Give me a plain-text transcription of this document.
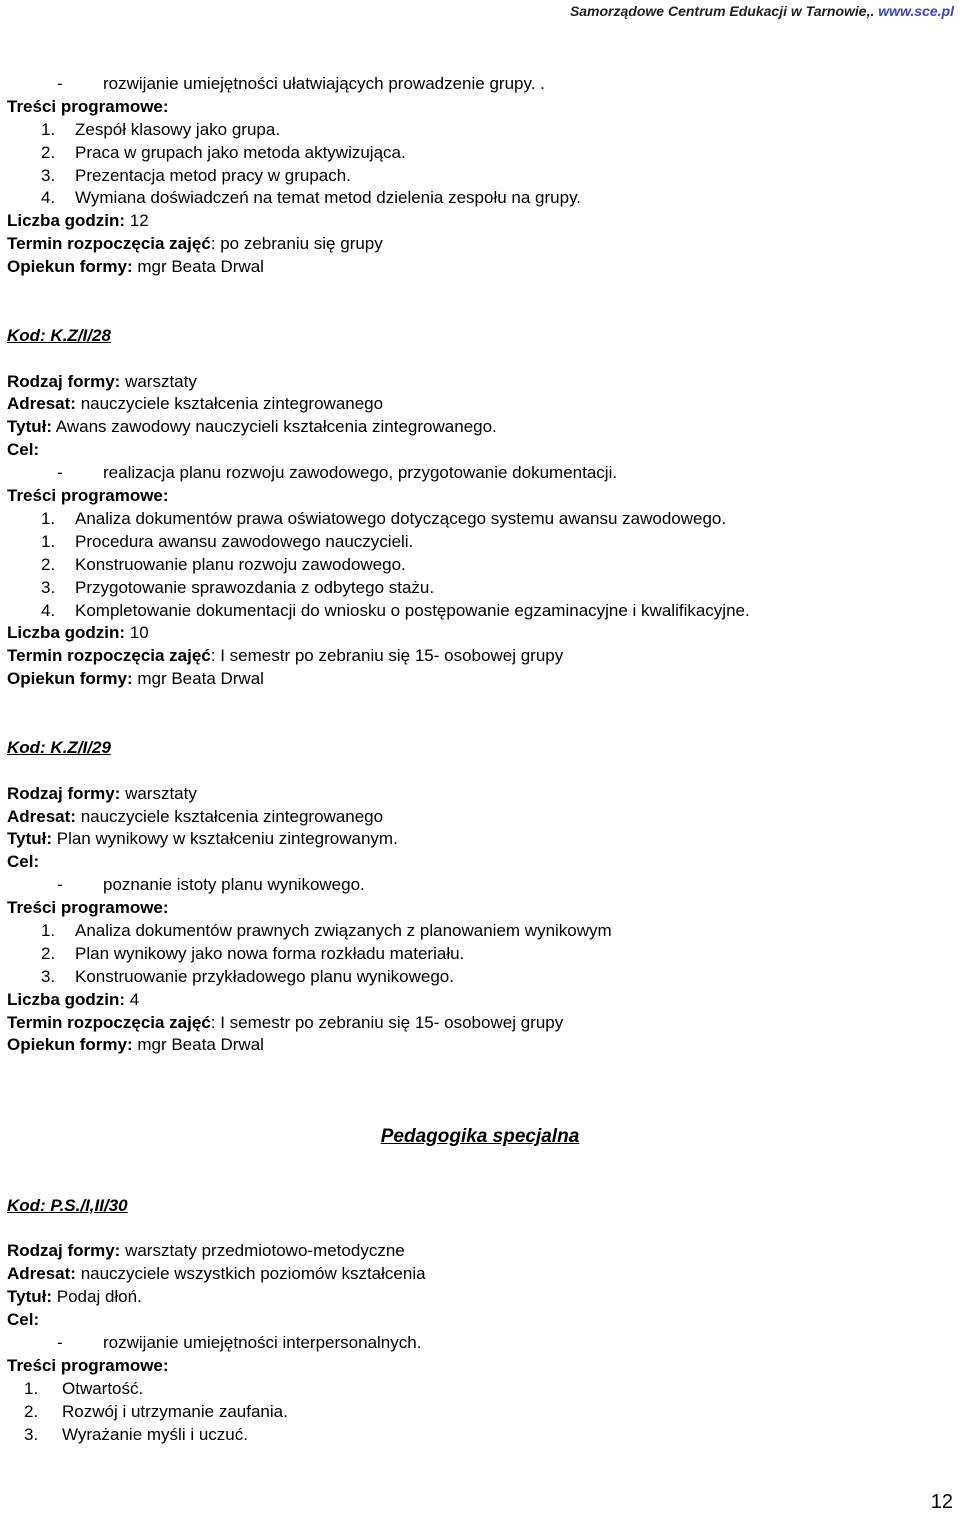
Samorządowe Centrum Edukacji w Tarnowie,. www.sce.pl
- rozwijanie umiejętności ułatwiających prowadzenie grupy. .
Treści programowe:
1. Zespół klasowy jako grupa.
2. Praca w grupach jako metoda aktywizująca.
3. Prezentacja metod pracy w grupach.
4. Wymiana doświadczeń na temat metod dzielenia zespołu na grupy.
Liczba godzin: 12
Termin rozpoczęcia zajęć: po zebraniu się grupy
Opiekun formy: mgr Beata Drwal
Kod: K.Z/I/28
Rodzaj formy: warsztaty
Adresat: nauczyciele kształcenia zintegrowanego
Tytuł: Awans zawodowy nauczycieli kształcenia zintegrowanego.
Cel:
- realizacja planu rozwoju zawodowego, przygotowanie dokumentacji.
Treści programowe:
1. Analiza dokumentów prawa oświatowego dotyczącego systemu awansu zawodowego.
1. Procedura awansu zawodowego nauczycieli.
2. Konstruowanie planu rozwoju zawodowego.
3. Przygotowanie sprawozdania z odbytego stażu.
4. Kompletowanie dokumentacji do wniosku o postępowanie egzaminacyjne i kwalifikacyjne.
Liczba godzin: 10
Termin rozpoczęcia zajęć: I semestr po zebraniu się 15- osobowej grupy
Opiekun formy: mgr Beata Drwal
Kod: K.Z/I/29
Rodzaj formy: warsztaty
Adresat: nauczyciele kształcenia zintegrowanego
Tytuł: Plan wynikowy w kształceniu zintegrowanym.
Cel:
- poznanie istoty planu wynikowego.
Treści programowe:
1. Analiza dokumentów prawnych związanych z planowaniem wynikowym
2. Plan wynikowy jako nowa forma rozkładu materiału.
3. Konstruowanie przykładowego planu wynikowego.
Liczba godzin: 4
Termin rozpoczęcia zajęć: I semestr po zebraniu się 15- osobowej grupy
Opiekun formy: mgr Beata Drwal
Pedagogika specjalna
Kod: P.S./I,II/30
Rodzaj formy: warsztaty przedmiotowo-metodyczne
Adresat: nauczyciele wszystkich poziomów kształcenia
Tytuł: Podaj dłoń.
Cel:
- rozwijanie umiejętności interpersonalnych.
Treści programowe:
1. Otwartość.
2. Rozwój i utrzymanie zaufania.
3. Wyrażanie myśli i uczuć.
12
